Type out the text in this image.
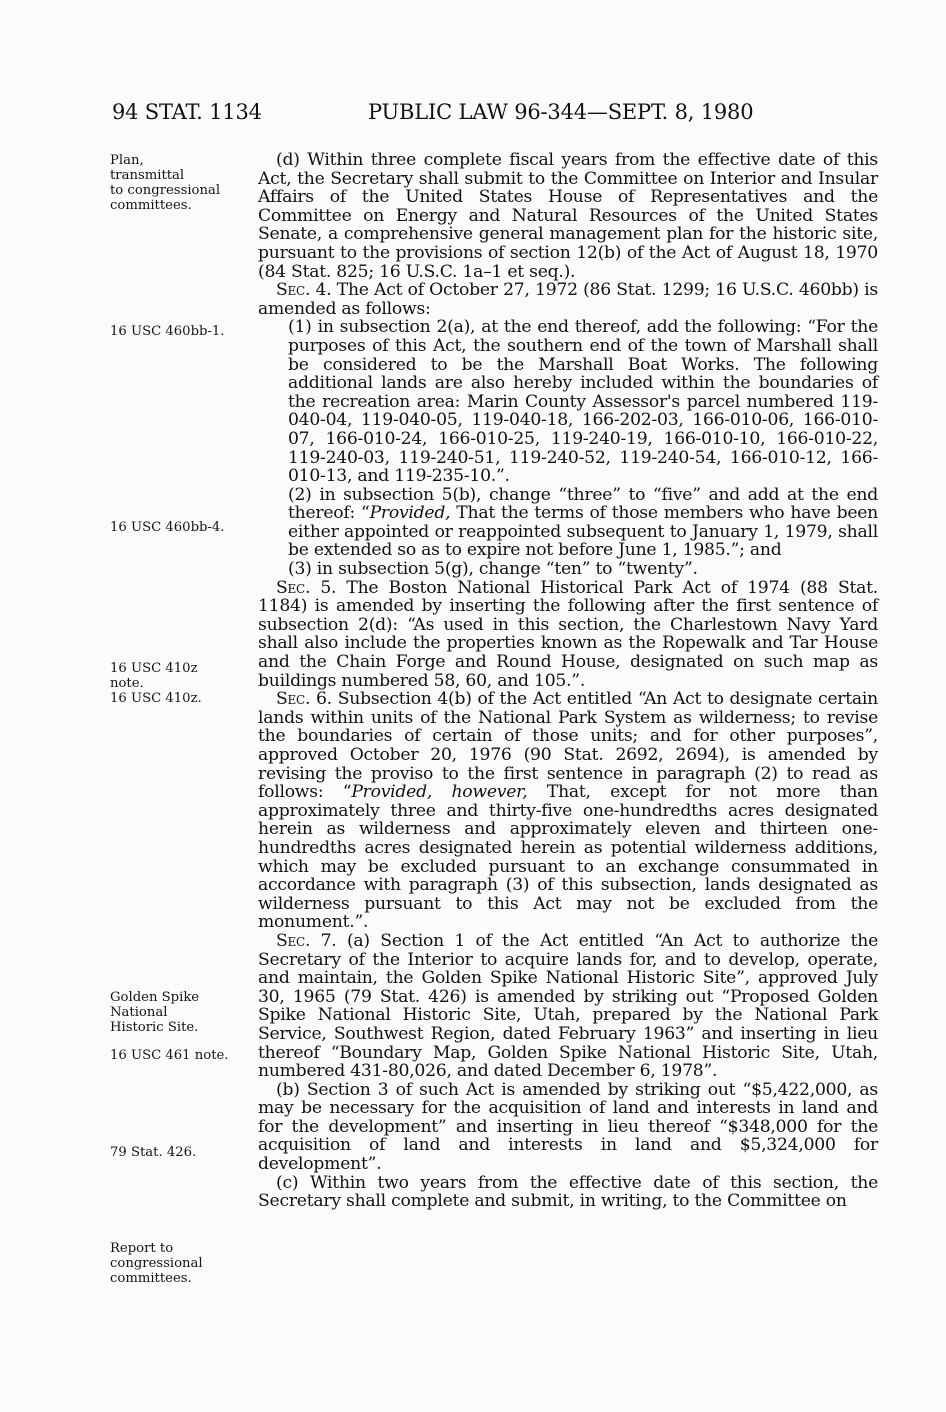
94 STAT. 1134	PUBLIC LAW 96-344—SEPT. 8, 1980
Plan,
transmittal
to congressional
committees.
16 USC 460bb-1.
16 USC 460bb-4.
16 USC 410z
note.
16 USC 410z.
Golden Spike
National
Historic Site.
16 USC 461 note.
79 Stat. 426.
Report to
congressional
committees.

(d) Within three complete fiscal years from the effective date of this Act, the Secretary shall submit to the Committee on Interior and Insular Affairs of the United States House of Representatives and the Committee on Energy and Natural Resources of the United States Senate, a comprehensive general management plan for the historic site, pursuant to the provisions of section 12(b) of the Act of August 18, 1970 (84 Stat. 825; 16 U.S.C. 1a–1 et seq.).

Sec. 4. The Act of October 27, 1972 (86 Stat. 1299; 16 U.S.C. 460bb) is amended as follows:

(1) in subsection 2(a), at the end thereof, add the following: “For the purposes of this Act, the southern end of the town of Marshall shall be considered to be the Marshall Boat Works. The following additional lands are also hereby included within the boundaries of the recreation area: Marin County Assessor's parcel numbered 119-040-04, 119-040-05, 119-040-18, 166-202-03, 166-010-06, 166-010-07, 166-010-24, 166-010-25, 119-240-19, 166-010-10, 166-010-22, 119-240-03, 119-240-51, 119-240-52, 119-240-54, 166-010-12, 166-010-13, and 119-235-10.”.

(2) in subsection 5(b), change “three” to “five” and add at the end thereof: “Provided, That the terms of those members who have been either appointed or reappointed subsequent to January 1, 1979, shall be extended so as to expire not before June 1, 1985.”; and

(3) in subsection 5(g), change “ten” to “twenty”.

Sec. 5. The Boston National Historical Park Act of 1974 (88 Stat. 1184) is amended by inserting the following after the first sentence of subsection 2(d): “As used in this section, the Charlestown Navy Yard shall also include the properties known as the Ropewalk and Tar House and the Chain Forge and Round House, designated on such map as buildings numbered 58, 60, and 105.”.

Sec. 6. Subsection 4(b) of the Act entitled “An Act to designate certain lands within units of the National Park System as wilderness; to revise the boundaries of certain of those units; and for other purposes”, approved October 20, 1976 (90 Stat. 2692, 2694), is amended by revising the proviso to the first sentence in paragraph (2) to read as follows: “Provided, however, That, except for not more than approximately three and thirty-five one-hundredths acres designated herein as wilderness and approximately eleven and thirteen one-hundredths acres designated herein as potential wilderness additions, which may be excluded pursuant to an exchange consummated in accordance with paragraph (3) of this subsection, lands designated as wilderness pursuant to this Act may not be excluded from the monument.”.

Sec. 7. (a) Section 1 of the Act entitled “An Act to authorize the Secretary of the Interior to acquire lands for, and to develop, operate, and maintain, the Golden Spike National Historic Site”, approved July 30, 1965 (79 Stat. 426) is amended by striking out “Proposed Golden Spike National Historic Site, Utah, prepared by the National Park Service, Southwest Region, dated February 1963” and inserting in lieu thereof “Boundary Map, Golden Spike National Historic Site, Utah, numbered 431-80,026, and dated December 6, 1978”.

(b) Section 3 of such Act is amended by striking out “$5,422,000, as may be necessary for the acquisition of land and interests in land and for the development” and inserting in lieu thereof “$348,000 for the acquisition of land and interests in land and $5,324,000 for development”.

(c) Within two years from the effective date of this section, the Secretary shall complete and submit, in writing, to the Committee on
